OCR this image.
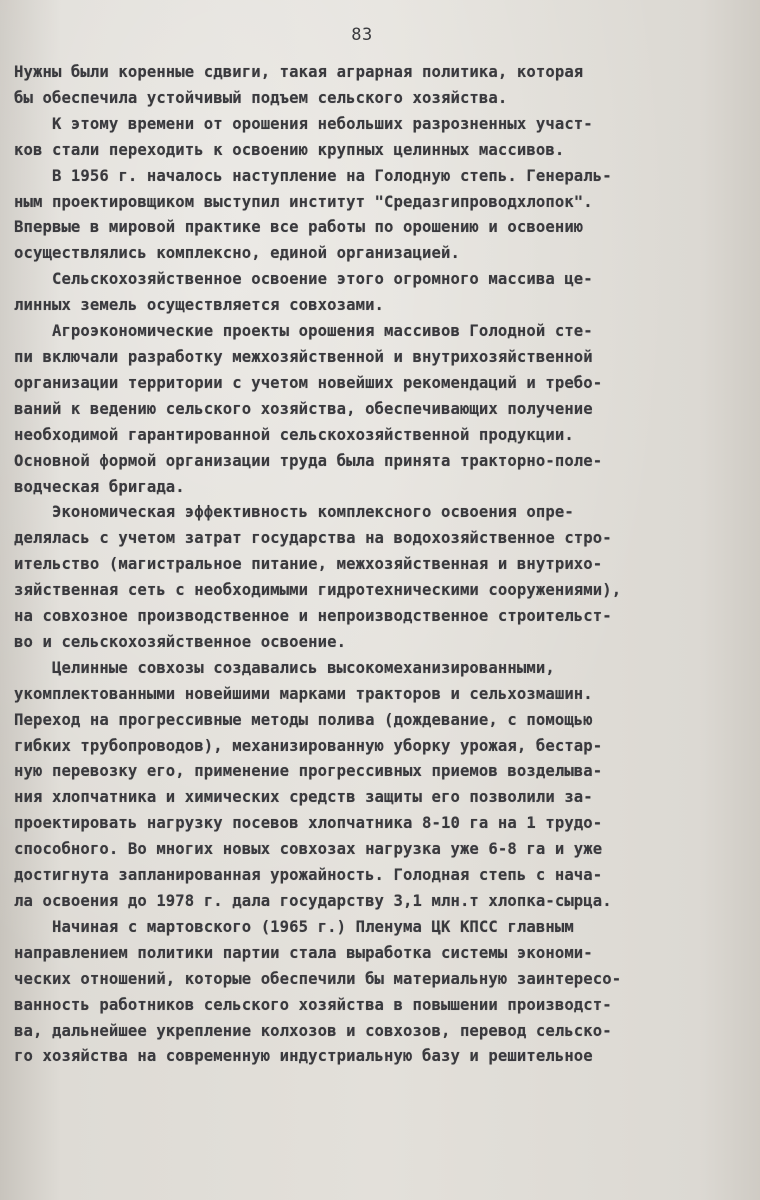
83
Нужны были коренные сдвиги, такая аграрная политика, которая
бы обеспечила устойчивый подъем сельского хозяйства.
К этому времени от орошения небольших разрозненных участ-
ков стали переходить к освоению крупных целинных массивов.
В 1956 г. началось наступление на Голодную степь. Генераль-
ным проектировщиком выступил институт "Средазгипроводхлопок".
Впервые в мировой практике все работы по орошению и освоению
осуществлялись комплексно, единой организацией.
Сельскохозяйственное освоение этого огромного массива це-
линных земель осуществляется совхозами.
Агроэкономические проекты орошения массивов Голодной сте-
пи включали разработку межхозяйственной и внутрихозяйственной
организации территории с учетом новейших рекомендаций и требо-
ваний к ведению сельского хозяйства, обеспечивающих получение
необходимой гарантированной сельскохозяйственной продукции.
Основной формой организации труда была принята тракторно-поле-
водческая бригада.
Экономическая эффективность комплексного освоения опре-
делялась с учетом затрат государства на водохозяйственное стро-
ительство (магистральное питание, межхозяйственная и внутрихо-
зяйственная сеть с необходимыми гидротехническими сооружениями),
на совхозное производственное и непроизводственное строительст-
во и сельскохозяйственное освоение.
Целинные совхозы создавались высокомеханизированными,
укомплектованными новейшими марками тракторов и сельхозмашин.
Переход на прогрессивные методы полива (дождевание, с помощью
гибких трубопроводов), механизированную уборку урожая, бестар-
ную перевозку его, применение прогрессивных приемов возделыва-
ния хлопчатника и химических средств защиты его позволили за-
проектировать нагрузку посевов хлопчатника 8-10 га на 1 трудо-
способного. Во многих новых совхозах нагрузка уже 6-8 га и уже
достигнута запланированная урожайность. Голодная степь с нача-
ла освоения до 1978 г. дала государству 3,1 млн.т хлопка-сырца.
Начиная с мартовского (1965 г.) Пленума ЦК КПСС главным
направлением политики партии стала выработка системы экономи-
ческих отношений, которые обеспечили бы материальную заинтересо-
ванность работников сельского хозяйства в повышении производст-
ва, дальнейшее укрепление колхозов и совхозов, перевод сельско-
го хозяйства на современную индустриальную базу и решительное
